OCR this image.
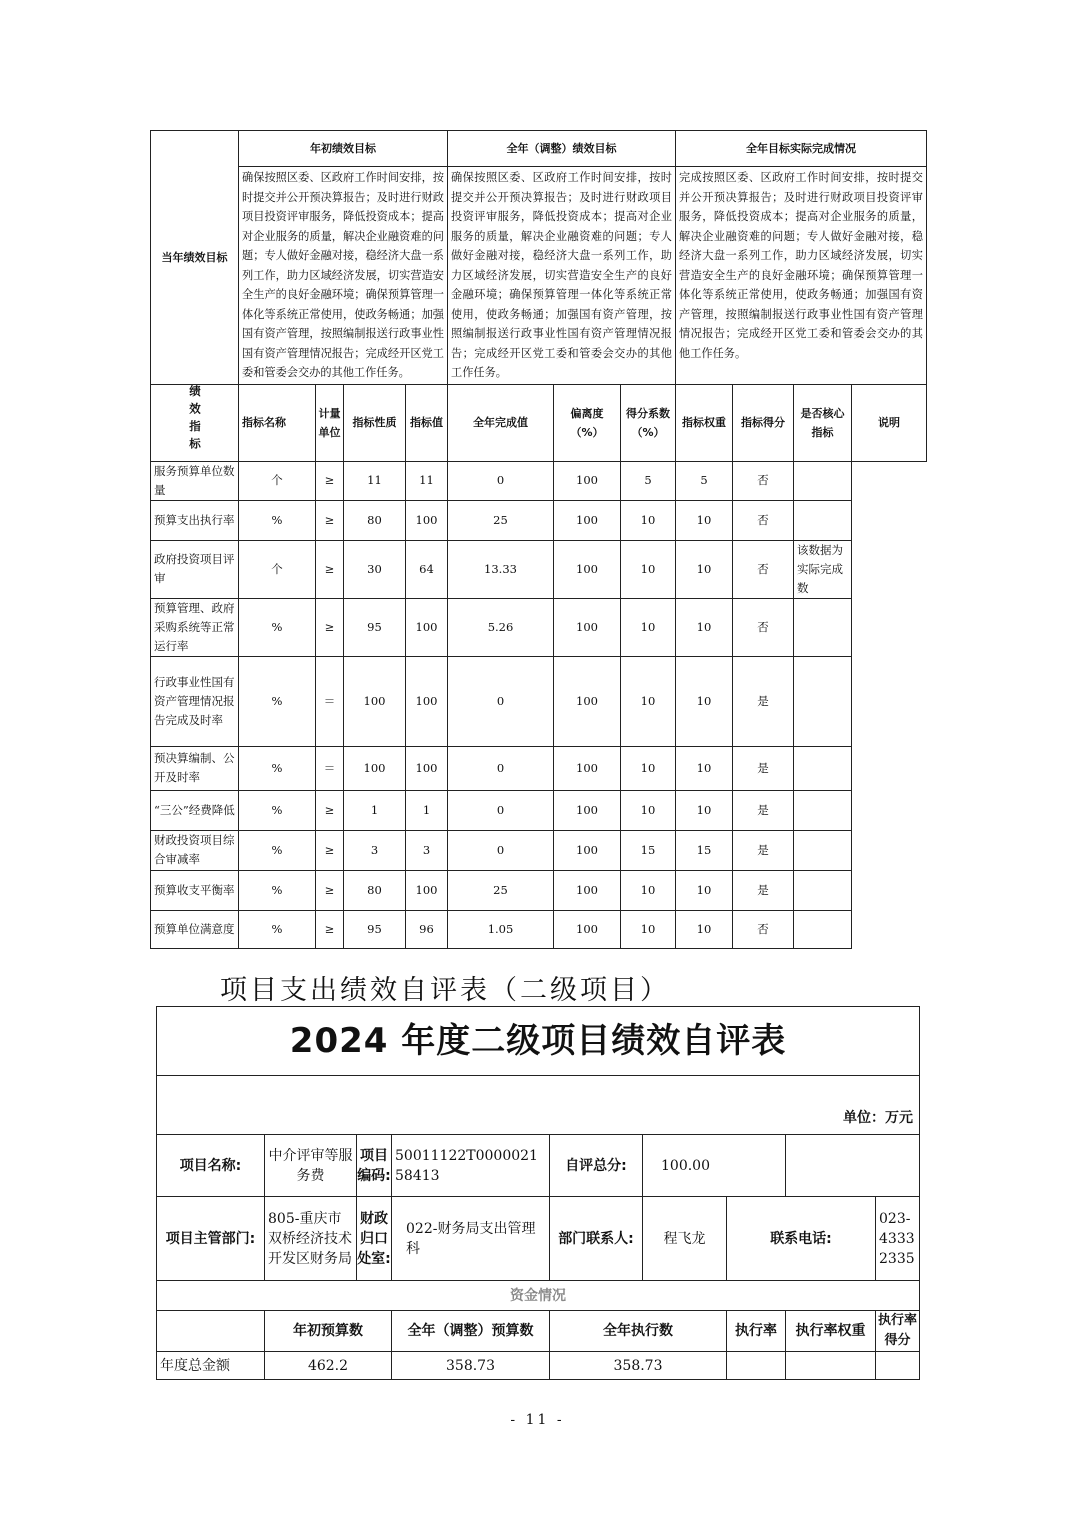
当年绩效目标	年初绩效目标				全年（调整）绩效目标			全年目标实际完成情况			
	确保按照区委、区政府工作时间安排，按时提交并公开预决算报告；及时进行财政项目投资评审服务，降低投资成本；提高对企业服务的质量，解决企业融资难的问题；专人做好金融对接，稳经济大盘一系列工作，助力区域经济发展，切实营造安全生产的良好金融环境；确保预算管理一体化等系统正常使用，使政务畅通；加强国有资产管理，按照编制报送行政事业性国有资产管理情况报告；完成经开区党工委和管委会交办的其他工作任务。				确保按照区委、区政府工作时间安排，按时提交并公开预决算报告；及时进行财政项目投资评审服务，降低投资成本；提高对企业服务的质量，解决企业融资难的问题；专人做好金融对接，稳经济大盘一系列工作，助力区域经济发展，切实营造安全生产的良好金融环境；确保预算管理一体化等系统正常使用，使政务畅通；加强国有资产管理，按照编制报送行政事业性国有资产管理情况报告；完成经开区党工委和管委会交办的其他工作任务。			完成按照区委、区政府工作时间安排，按时提交并公开预决算报告；及时进行财政项目投资评审服务，降低投资成本；提高对企业服务的质量，解决企业融资难的问题；专人做好金融对接，稳经济大盘一系列工作，助力区域经济发展，切实营造安全生产的良好金融环境；确保预算管理一体化等系统正常使用，使政务畅通；加强国有资产管理，按照编制报送行政事业性国有资产管理情况报告；完成经开区党工委和管委会交办的其他工作任务。			
绩效指标	指标名称	计量单位	指标性质	指标值	全年完成值	偏离度（%）	得分系数（%）	指标权重	指标得分	是否核心指标	说明
服务预算单位数量	个	≥	11	11	0	100	5	5	否		
预算支出执行率	%	≥	80	100	25	100	10	10	否		
政府投资项目评审	个	≥	30	64	13.33	100	10	10	否	该数据为实际完成数	
预算管理、政府采购系统等正常运行率	%	≥	95	100	5.26	100	10	10	否		
行政事业性国有资产管理情况报告完成及时率	%	＝	100	100	0	100	10	10	是		
预决算编制、公开及时率	%	＝	100	100	0	100	10	10	是		
“三公”经费降低	%	≥	1	1	0	100	10	10	是		
财政投资项目综合审减率	%	≥	3	3	0	100	15	15	是		
预算收支平衡率	%	≥	80	100	25	100	10	10	是		
预算单位满意度	%	≥	95	96	1.05	100	10	10	否		
项目支出绩效自评表（二级项目）
2024 年度二级项目绩效自评表								
单位：万元								
项目名称:	中介评审等服务费	项目编码:	50011122T000002158413	自评总分:	100.00			
项目主管部门:	805-重庆市双桥经济技术开发区财务局	财政归口处室:	022-财务局支出管理科	部门联系人:	程飞龙	联系电话:		023-43332335
资金情况								
	年初预算数		全年（调整）预算数	全年执行数		执行率	执行率权重	执行率得分
年度总金额	462.2		358.73	358.73				
- 11 -
